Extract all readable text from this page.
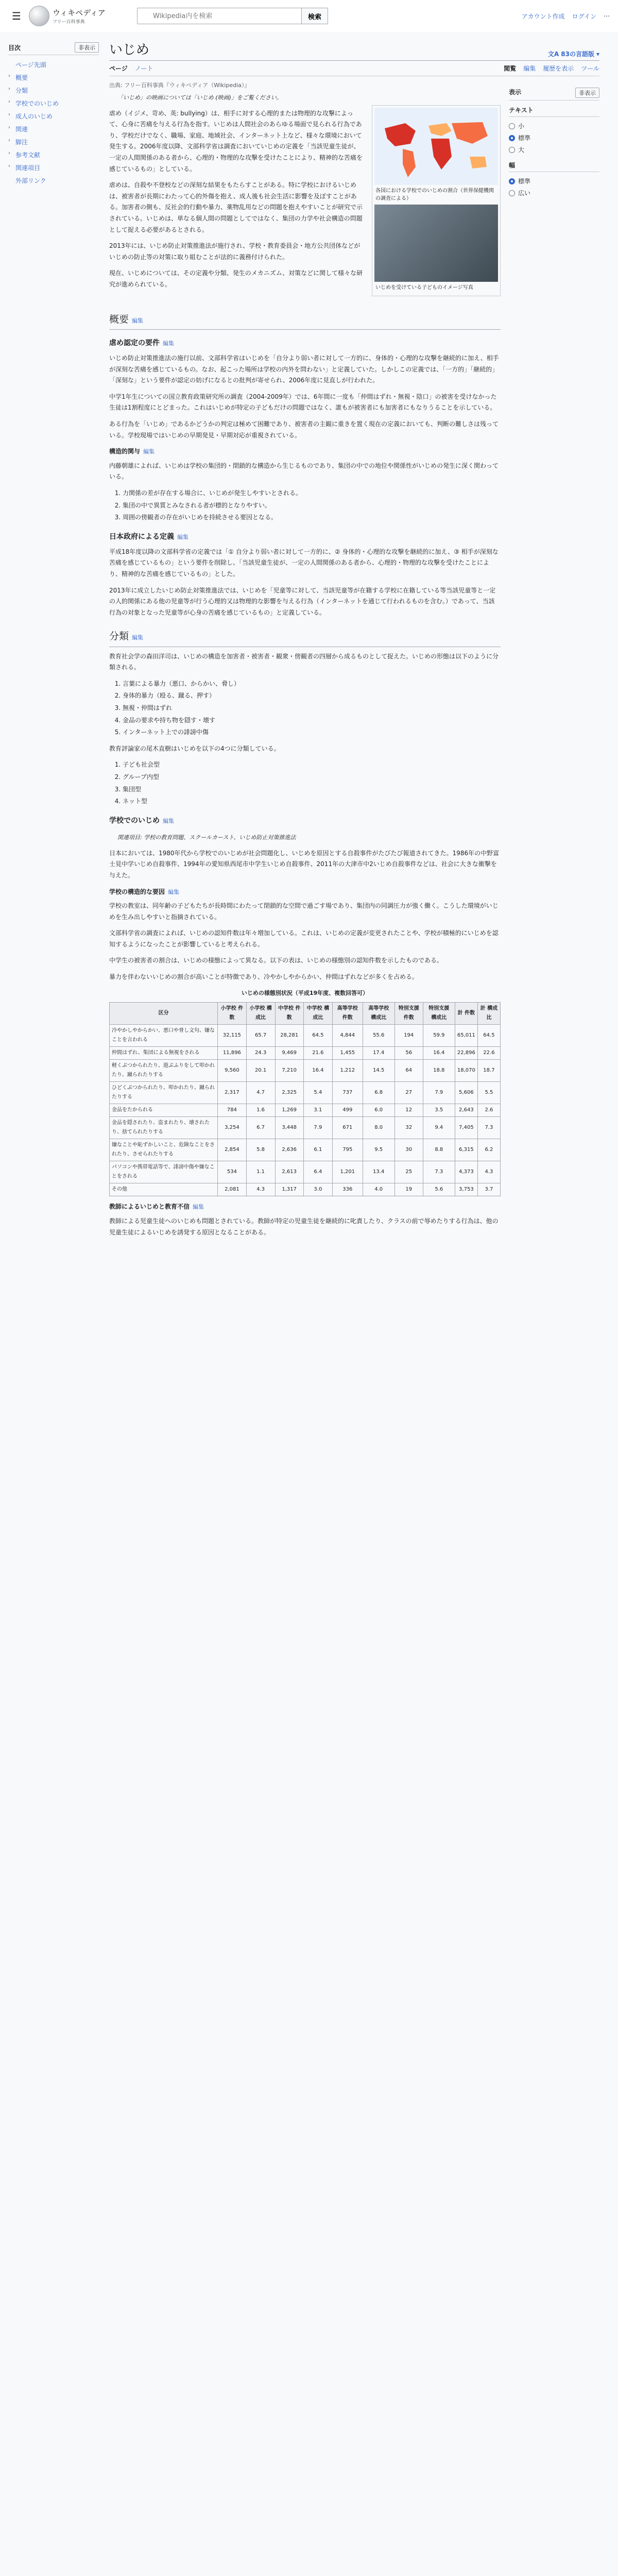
☰	ウィキペディア
フリー百科事典
Wikipedia内を検索
検索	アカウント作成 ログイン ⋯
目次	非表示
ページ先頭
› 概要
› 分類
› 学校でのいじめ
› 成人のいじめ
› 関連
› 脚注
› 参考文献
› 関連項目
外部リンク
いじめ	文A 83の言語版 ▾
ページ ノート	閲覧 編集 履歴を表示 ツール
出典: フリー百科事典『ウィキペディア（Wikipedia）』
「いじめ」の映画については「いじめ (映画)」をご覧ください。
各国における学校でのいじめの割合（世界保健機関の調査による）
いじめを受けている子どものイメージ写真

虐め（イジメ、苛め、英: bullying）は、相手に対する心理的または物理的な攻撃によって、心身に苦痛を与える行為を指す。いじめは人間社会のあらゆる場面で見られる行為であり、学校だけでなく、職場、家庭、地域社会、インターネット上など、様々な環境において発生する。2006年度以降、文部科学省は調査においていじめの定義を「当該児童生徒が、一定の人間関係のある者から、心理的・物理的な攻撃を受けたことにより、精神的な苦痛を感じているもの」としている。

虐めは、自殺や不登校などの深刻な結果をもたらすことがある。特に学校におけるいじめは、被害者が長期にわたって心的外傷を抱え、成人後も社会生活に影響を及ぼすことがある。加害者の側も、反社会的行動や暴力、薬物乱用などの問題を抱えやすいことが研究で示されている。いじめは、単なる個人間の問題としてではなく、集団の力学や社会構造の問題として捉える必要があるとされる。

2013年には、いじめ防止対策推進法が施行され、学校・教育委員会・地方公共団体などがいじめの防止等の対策に取り組むことが法的に義務付けられた。

現在、いじめについては、その定義や分類、発生のメカニズム、対策などに関して様々な研究が進められている。

概要 編集
虐め認定の要件 編集

いじめ防止対策推進法の施行以前、文部科学省はいじめを「自分より弱い者に対して一方的に、身体的・心理的な攻撃を継続的に加え、相手が深刻な苦痛を感じているもの。なお、起こった場所は学校の内外を問わない」と定義していた。しかしこの定義では、「一方的」「継続的」「深刻な」という要件が認定の妨げになるとの批判が寄せられ、2006年度に見直しが行われた。

中学1年生についての国立教育政策研究所の調査（2004-2009年）では、6年間に一度も「仲間はずれ・無視・陰口」の被害を受けなかった生徒は1割程度にとどまった。これはいじめが特定の子どもだけの問題ではなく、誰もが被害者にも加害者にもなりうることを示している。

ある行為を「いじめ」であるかどうかの判定は極めて困難であり、被害者の主観に重きを置く現在の定義においても、判断の難しさは残っている。学校現場ではいじめの早期発見・早期対応が重視されている。

構造的関与 編集

内藤朝雄によれば、いじめは学校の集団的・閉鎖的な構造から生じるものであり、集団の中での地位や関係性がいじめの発生に深く関わっている。

1. 力関係の差が存在する場合に、いじめが発生しやすいとされる。
2. 集団の中で異質とみなされる者が標的となりやすい。
3. 周囲の傍観者の存在がいじめを持続させる要因となる。
日本政府による定義 編集

平成18年度以降の文部科学省の定義では「① 自分より弱い者に対して一方的に、② 身体的・心理的な攻撃を継続的に加え、③ 相手が深刻な苦痛を感じているもの」という要件を削除し、「当該児童生徒が、一定の人間関係のある者から、心理的・物理的な攻撃を受けたことにより、精神的な苦痛を感じているもの」とした。

2013年に成立したいじめ防止対策推進法では、いじめを「児童等に対して、当該児童等が在籍する学校に在籍している等当該児童等と一定の人的関係にある他の児童等が行う心理的又は物理的な影響を与える行為（インターネットを通じて行われるものを含む。）であって、当該行為の対象となった児童等が心身の苦痛を感じているもの」と定義している。

分類 編集

教育社会学の森田洋司は、いじめの構造を加害者・被害者・観衆・傍観者の四層から成るものとして捉えた。いじめの形態は以下のように分類される。

1. 言葉による暴力（悪口、からかい、脅し）
2. 身体的暴力（殴る、蹴る、押す）
3. 無視・仲間はずれ
4. 金品の要求や持ち物を隠す・壊す
5. インターネット上での誹謗中傷

教育評論家の尾木直樹はいじめを以下の4つに分類している。

1. 子ども社会型
2. グループ内型
3. 集団型
4. ネット型
学校でのいじめ 編集
関連項目: 学校の教育問題、スクールカースト、いじめ防止対策推進法

日本においては、1980年代から学校でのいじめが社会問題化し、いじめを原因とする自殺事件がたびたび報道されてきた。1986年の中野富士見中学いじめ自殺事件、1994年の愛知県西尾市中学生いじめ自殺事件、2011年の大津市中2いじめ自殺事件などは、社会に大きな衝撃を与えた。

学校の構造的な要因 編集

学校の教室は、同年齢の子どもたちが長時間にわたって閉鎖的な空間で過ごす場であり、集団内の同調圧力が強く働く。こうした環境がいじめを生み出しやすいと指摘されている。

文部科学省の調査によれば、いじめの認知件数は年々増加している。これは、いじめの定義が変更されたことや、学校が積極的にいじめを認知するようになったことが影響していると考えられる。

中学生の被害者の割合は、いじめの様態によって異なる。以下の表は、いじめの様態別の認知件数を示したものである。

暴力を伴わないいじめの割合が高いことが特徴であり、冷やかしやからかい、仲間はずれなどが多くを占める。

いじめの様態別状況（平成19年度、複数回答可）
区分	小学校 件数	小学校 構成比	中学校 件数	中学校 構成比	高等学校 件数	高等学校 構成比	特別支援 件数	特別支援 構成比	計 件数	計 構成比
冷やかしやからかい、悪口や脅し文句、嫌なことを言われる	32,115	65.7	28,281	64.5	4,844	55.6	194	59.9	65,011	64.5
仲間はずれ、集団による無視をされる	11,896	24.3	9,469	21.6	1,455	17.4	56	16.4	22,896	22.6
軽くぶつかられたり、遊ぶふりをして叩かれたり、蹴られたりする	9,560	20.1	7,210	16.4	1,212	14.5	64	18.8	18,070	18.7
ひどくぶつかられたり、叩かれたり、蹴られたりする	2,317	4.7	2,325	5.4	737	6.8	27	7.9	5,606	5.5
金品をたかられる	784	1.6	1,269	3.1	499	6.0	12	3.5	2,643	2.6
金品を隠されたり、盗まれたり、壊されたり、捨てられたりする	3,254	6.7	3,448	7.9	671	8.0	32	9.4	7,405	7.3
嫌なことや恥ずかしいこと、危険なことをされたり、させられたりする	2,854	5.8	2,636	6.1	795	9.5	30	8.8	6,315	6.2
パソコンや携帯電話等で、誹謗中傷や嫌なことをされる	534	1.1	2,613	6.4	1,201	13.4	25	7.3	4,373	4.3
その他	2,081	4.3	1,317	3.0	336	4.0	19	5.6	3,753	3.7
教師によるいじめと教育不信 編集

教師による児童生徒へのいじめも問題とされている。教師が特定の児童生徒を継続的に叱責したり、クラスの前で辱めたりする行為は、他の児童生徒によるいじめを誘発する原因となることがある。

表示	非表示
テキスト
小
標準
大
幅
標準
広い
